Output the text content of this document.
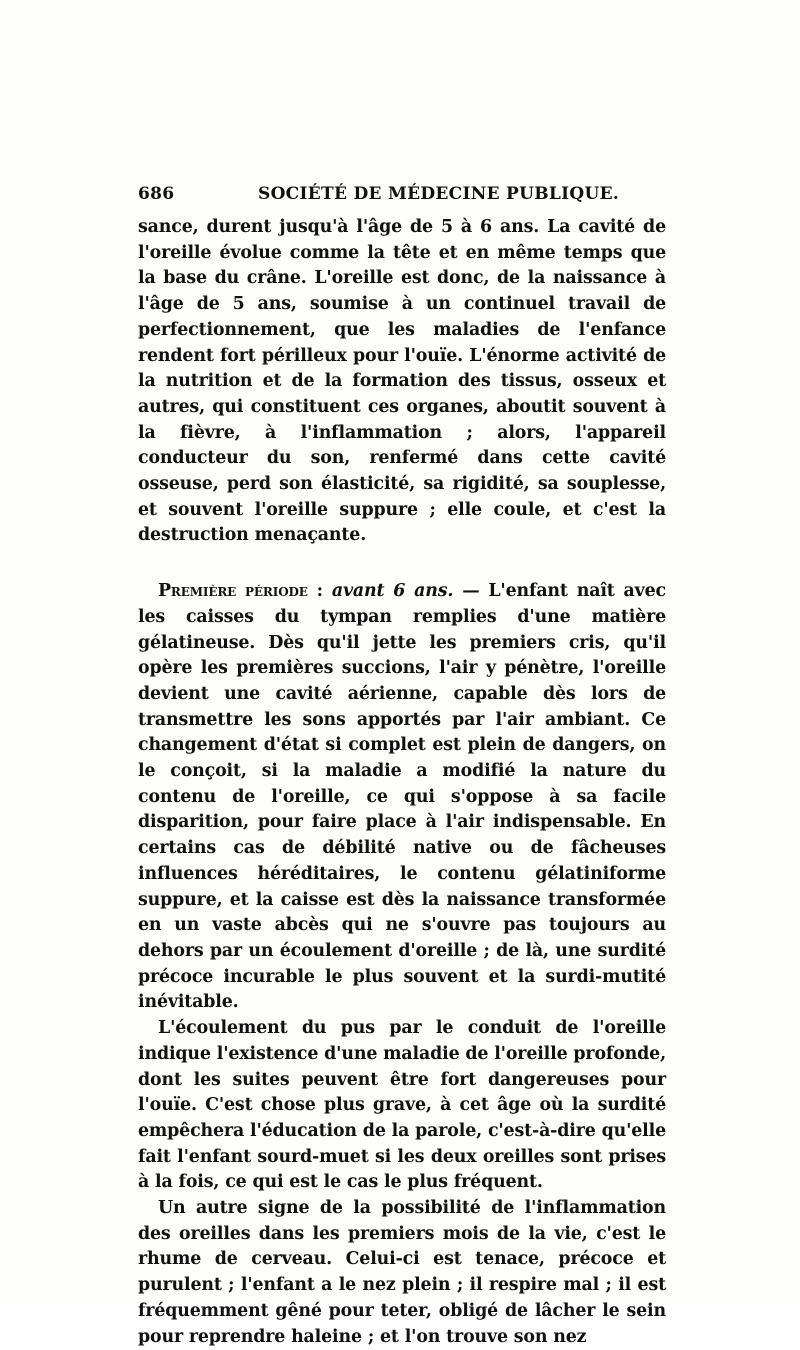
686	SOCIÉTÉ DE MÉDECINE PUBLIQUE.

sance, durent jusqu'à l'âge de 5 à 6 ans. La cavité de l'oreille évolue comme la tête et en même temps que la base du crâne. L'oreille est donc, de la naissance à l'âge de 5 ans, soumise à un continuel travail de perfectionnement, que les maladies de l'enfance rendent fort périlleux pour l'ouïe. L'énorme activité de la nutrition et de la formation des tissus, osseux et autres, qui constituent ces organes, aboutit souvent à la fièvre, à l'inflammation ; alors, l'appareil conducteur du son, renfermé dans cette cavité osseuse, perd son élasticité, sa rigidité, sa souplesse, et souvent l'oreille suppure ; elle coule, et c'est la destruction menaçante.

Première période : avant 6 ans. — L'enfant naît avec les caisses du tympan remplies d'une matière gélatineuse. Dès qu'il jette les premiers cris, qu'il opère les premières succions, l'air y pénètre, l'oreille devient une cavité aérienne, capable dès lors de transmettre les sons apportés par l'air ambiant. Ce changement d'état si complet est plein de dangers, on le conçoit, si la maladie a modifié la nature du contenu de l'oreille, ce qui s'oppose à sa facile disparition, pour faire place à l'air indispensable. En certains cas de débilité native ou de fâcheuses influences héréditaires, le contenu gélatiniforme suppure, et la caisse est dès la naissance transformée en un vaste abcès qui ne s'ouvre pas toujours au dehors par un écoulement d'oreille ; de là, une surdité précoce incurable le plus souvent et la surdi-mutité inévitable.

L'écoulement du pus par le conduit de l'oreille indique l'existence d'une maladie de l'oreille profonde, dont les suites peuvent être fort dangereuses pour l'ouïe. C'est chose plus grave, à cet âge où la surdité empêchera l'éducation de la parole, c'est-à-dire qu'elle fait l'enfant sourd-muet si les deux oreilles sont prises à la fois, ce qui est le cas le plus fréquent.

Un autre signe de la possibilité de l'inflammation des oreilles dans les premiers mois de la vie, c'est le rhume de cerveau. Celui-ci est tenace, précoce et purulent ; l'enfant a le nez plein ; il respire mal ; il est fréquemment gêné pour teter, obligé de lâcher le sein pour reprendre haleine ; et l'on trouve son nez
